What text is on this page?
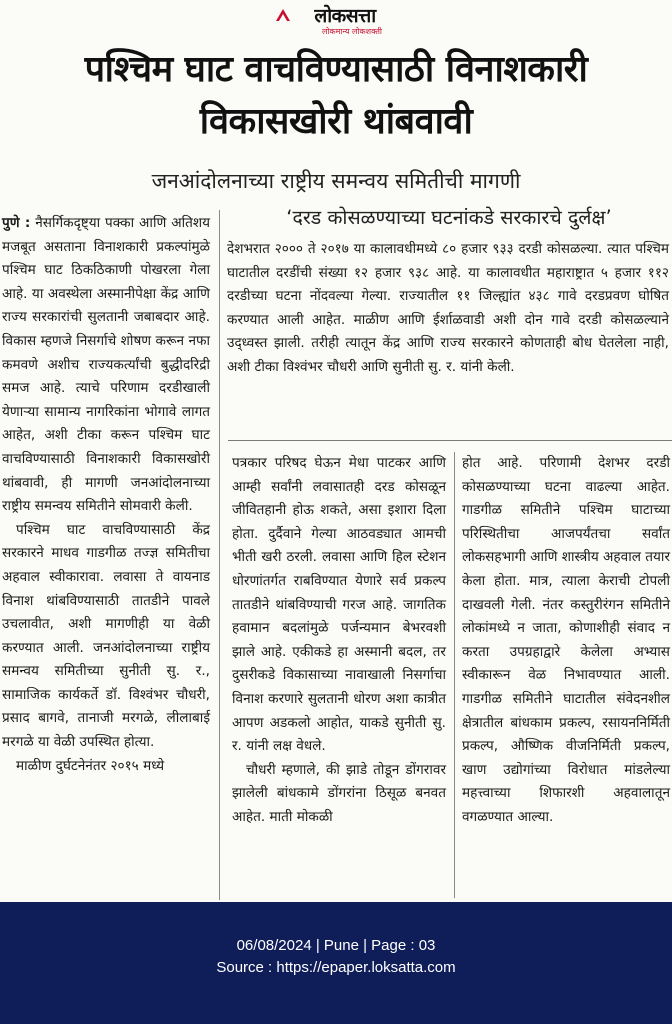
लोकसत्ता
लोकमान्य लोकशक्ती
पश्चिम घाट वाचविण्यासाठी विनाशकारी
विकासखोरी थांबवावी
जनआंदोलनाच्या राष्ट्रीय समन्वय समितीची मागणी

पुणे : नैसर्गिकदृष्ट्या पक्का आणि अतिशय मजबूत असताना विनाशकारी प्रकल्पांमुळे पश्चिम घाट ठिकठिकाणी पोखरला गेला आहे. या अवस्थेला अस्मानीपेक्षा केंद्र आणि राज्य सरकारांची सुलतानी जबाबदार आहे. विकास म्हणजे निसर्गाचे शोषण करून नफा कमवणे अशीच राज्यकर्त्यांची बुद्धीदरिद्री समज आहे. त्याचे परिणाम दरडीखाली येणाऱ्या सामान्य नागरिकांना भोगावे लागत आहेत, अशी टीका करून पश्चिम घाट वाचविण्यासाठी विनाशकारी विकासखोरी थांबवावी, ही मागणी जनआंदोलनाच्या राष्ट्रीय समन्वय समितीने सोमवारी केली.

पश्चिम घाट वाचविण्यासाठी केंद्र सरकारने माधव गाडगीळ तज्ज्ञ समितीचा अहवाल स्वीकारावा. लवासा ते वायनाड विनाश थांबविण्यासाठी तातडीने पावले उचलावीत, अशी मागणीही या वेळी करण्यात आली. जनआंदोलनाच्या राष्ट्रीय समन्वय समितीच्या सुनीती सु. र., सामाजिक कार्यकर्ते डॉ. विश्वंभर चौधरी, प्रसाद बागवे, तानाजी मरगळे, लीलाबाई मरगळे या वेळी उपस्थित होत्या.

माळीण दुर्घटनेनंतर २०१५ मध्ये

‘दरड कोसळण्याच्या घटनांकडे सरकारचे दुर्लक्ष’
देशभरात २००० ते २०१७ या कालावधीमध्ये ८० हजार ९३३ दरडी कोसळल्या. त्यात पश्चिम घाटातील दरडींची संख्या १२ हजार ९३८ आहे. या कालावधीत महाराष्ट्रात ५ हजार ११२ दरडीच्या घटना नोंदवल्या गेल्या. राज्यातील ११ जिल्ह्यांत ४३८ गावे दरडप्रवण घोषित करण्यात आली आहेत. माळीण आणि ईर्शाळवाडी अशी दोन गावे दरडी कोसळल्याने उद्ध्वस्त झाली. तरीही त्यातून केंद्र आणि राज्य सरकारने कोणताही बोध घेतलेला नाही, अशी टीका विश्वंभर चौधरी आणि सुनीती सु. र. यांनी केली.

पत्रकार परिषद घेऊन मेधा पाटकर आणि आम्ही सर्वांनी लवासातही दरड कोसळून जीवितहानी होऊ शकते, असा इशारा दिला होता. दुर्दैवाने गेल्या आठवड्यात आमची भीती खरी ठरली. लवासा आणि हिल स्टेशन धोरणांतर्गत राबविण्यात येणारे सर्व प्रकल्प तातडीने थांबविण्याची गरज आहे. जागतिक हवामान बदलांमुळे पर्जन्यमान बेभरवशी झाले आहे. एकीकडे हा अस्मानी बदल, तर दुसरीकडे विकासाच्या नावाखाली निसर्गाचा विनाश करणारे सुलतानी धोरण अशा कात्रीत आपण अडकलो आहोत, याकडे सुनीती सु. र. यांनी लक्ष वेधले.

चौधरी म्हणाले, की झाडे तोडून डोंगरावर झालेली बांधकामे डोंगरांना ठिसूळ बनवत आहेत. माती मोकळी

होत आहे. परिणामी देशभर दरडी कोसळण्याच्या घटना वाढल्या आहेत. गाडगीळ समितीने पश्चिम घाटाच्या परिस्थितीचा आजपर्यंतचा सर्वांत लोकसहभागी आणि शास्त्रीय अहवाल तयार केला होता. मात्र, त्याला केराची टोपली दाखवली गेली. नंतर कस्तुरीरंगन समितीने लोकांमध्ये न जाता, कोणाशीही संवाद न करता उपग्रहाद्वारे केलेला अभ्यास स्वीकारून वेळ निभावण्यात आली. गाडगीळ समितीने घाटातील संवेदनशील क्षेत्रातील बांधकाम प्रकल्प, रसायननिर्मिती प्रकल्प, औष्णिक वीजनिर्मिती प्रकल्प, खाण उद्योगांच्या विरोधात मांडलेल्या महत्त्वाच्या शिफारशी अहवालातून वगळण्यात आल्या.

06/08/2024 | Pune | Page : 03
Source : https://epaper.loksatta.com
